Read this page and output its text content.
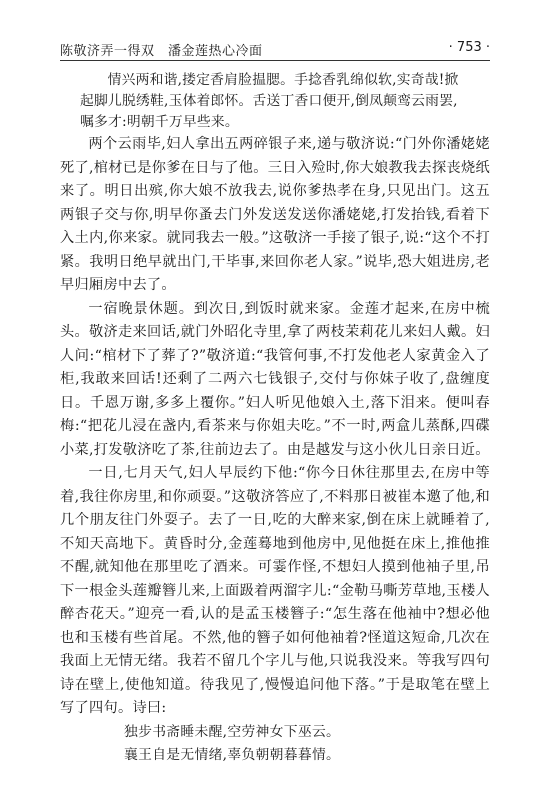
陈敬济弄一得双　潘金莲热心冷面	· 753 ·
情兴两和谐,搂定香肩脸揾腮。手捻香乳绵似软,实奇哉!掀
起脚儿脱绣鞋,玉体着郎怀。舌送丁香口便开,倒凤颠鸾云雨罢,
嘱多才:明朝千万早些来。

两个云雨毕,妇人拿出五两碎银子来,递与敬济说:“门外你潘姥姥死了,棺材已是你爹在日与了他。三日入殓时,你大娘教我去探丧烧纸来了。明日出殡,你大娘不放我去,说你爹热孝在身,只见出门。这五两银子交与你,明早你蚤去门外发送发送你潘姥姥,打发抬钱,看着下入土内,你来家。就同我去一般。”这敬济一手接了银子,说:“这个不打紧。我明日绝早就出门,干毕事,来回你老人家。”说毕,恐大姐进房,老早归厢房中去了。

一宿晚景休题。到次日,到饭时就来家。金莲才起来,在房中梳头。敬济走来回话,就门外昭化寺里,拿了两枝茉莉花儿来妇人戴。妇人问:“棺材下了葬了?”敬济道:“我管何事,不打发他老人家黄金入了柜,我敢来回话!还剩了二两六七钱银子,交付与你妹子收了,盘缠度日。千恩万谢,多多上覆你。”妇人听见他娘入土,落下泪来。便叫春梅:“把花儿浸在盏内,看茶来与你姐夫吃。”不一时,两盒儿蒸酥,四碟小菜,打发敬济吃了茶,往前边去了。由是越发与这小伙儿日亲日近。

一日,七月天气,妇人早辰约下他:“你今日休往那里去,在房中等着,我往你房里,和你顽耍。”这敬济答应了,不料那日被崔本邀了他,和几个朋友往门外耍子。去了一日,吃的大醉来家,倒在床上就睡着了,不知天高地下。黄昏时分,金莲蓦地到他房中,见他挺在床上,推他推不醒,就知他在那里吃了酒来。可霎作怪,不想妇人摸到他袖子里,吊下一根金头莲瓣簪儿来,上面趿着两溜字儿:“金勒马嘶芳草地,玉楼人醉杏花天。”迎亮一看,认的是孟玉楼簪子:“怎生落在他袖中?想必他也和玉楼有些首尾。不然,他的簪子如何他袖着?怪道这短命,几次在我面上无情无绪。我若不留几个字儿与他,只说我没来。等我写四句诗在壁上,使他知道。待我见了,慢慢追问他下落。”于是取笔在壁上写了四句。诗曰:

独步书斋睡未醒,空劳神女下巫云。
襄王自是无情绪,辜负朝朝暮暮情。
